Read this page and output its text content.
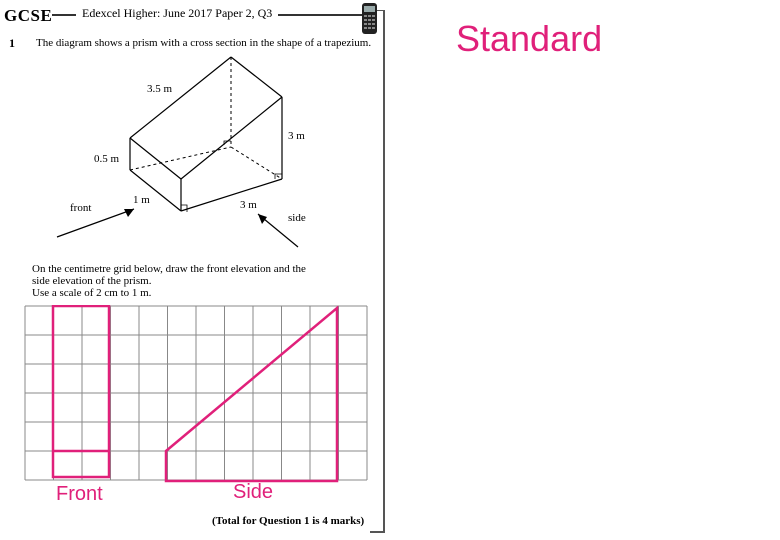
GCSE	Edexcel Higher: June 2017 Paper 2, Q3
1 The diagram shows a prism with a cross section in the shape of a trapezium.
3.5 m
3 m
0.5 m
1 m	3 m
front
side
On the centimetre grid below, draw the front elevation and the
side elevation of the prism.
Use a scale of 2 cm to 1 m.
Front	Side
Standard
(Total for Question 1 is 4 marks)
